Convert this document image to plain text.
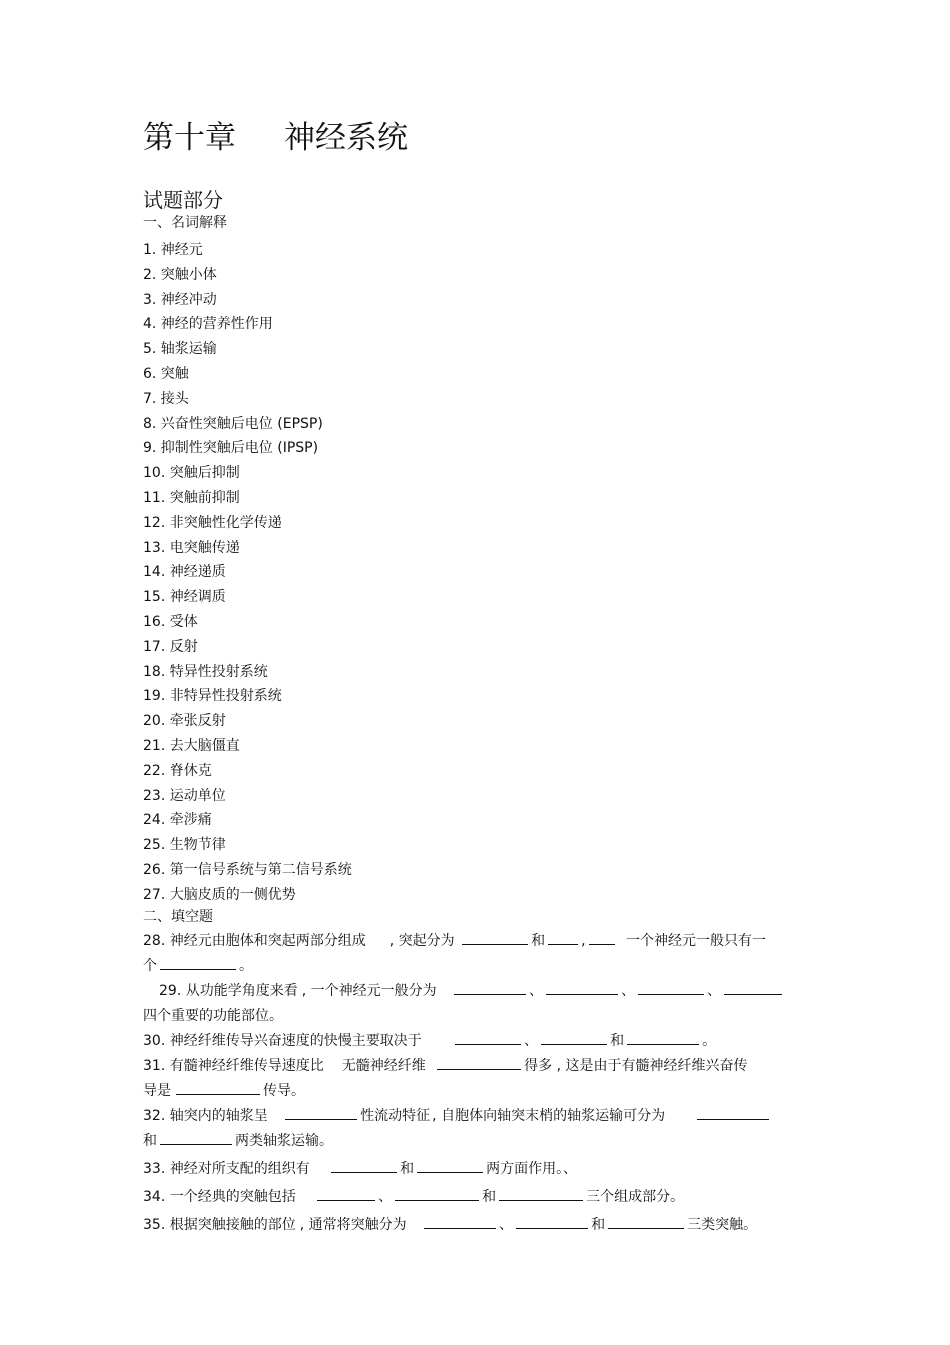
第十章 神经系统
试题部分
一、名词解释
1. 神经元
2. 突触小体
3. 神经冲动
4. 神经的营养性作用
5. 轴浆运输
6. 突触
7. 接头
8. 兴奋性突触后电位 (EPSP)
9. 抑制性突触后电位 (IPSP)
10. 突触后抑制
11. 突触前抑制
12. 非突触性化学传递
13. 电突触传递
14. 神经递质
15. 神经调质
16. 受体
17. 反射
18. 特异性投射系统
19. 非特异性投射系统
20. 牵张反射
21. 去大脑僵直
22. 脊休克
23. 运动单位
24. 牵涉痛
25. 生物节律
26. 第一信号系统与第二信号系统
27. 大脑皮质的一侧优势
二、填空题
28. 神经元由胞体和突起两部分组成 , 突起分为	和	,	一个神经元一般只有一
个	。
29. 从功能学角度来看 , 一个神经元一般分为	、	、	、
四个重要的功能部位。
30. 神经纤维传导兴奋速度的快慢主要取决于	、	和	。
31. 有髓神经纤维传导速度比 无髓神经纤维	得多 , 这是由于有髓神经纤维兴奋传
导是	传导。
32. 轴突内的轴浆呈	性流动特征 , 自胞体向轴突末梢的轴浆运输可分为
和	两类轴浆运输。
33. 神经对所支配的组织有	和	两方面作用。、
34. 一个经典的突触包括	、	和	三个组成部分。
35. 根据突触接触的部位 , 通常将突触分为	、	和	三类突触。
